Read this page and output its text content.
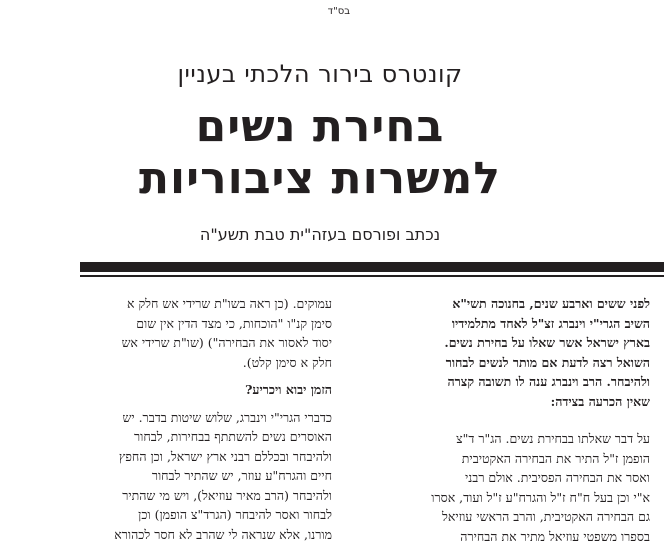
בס"ד
קונטרס בירור הלכתי בעניין
בחירת נשים
למשרות ציבוריות
נכתב ופורסם בעזה"ית טבת תשע"ה
לפני ששים וארבע שנים, בחנוכה תשי"א
השיב הגרי"י וינברג זצ"ל לאחד מתלמידיו
בארץ ישראל אשר שאלו על בחירת נשים.
השואל רצה לדעת אם מותר לנשים לבחור
ולהיבחר. הרב וינברג ענה לו תשובה קצרה
שאין הכרעה בצידה:
על דבר שאלתו בבחירת נשים. הג"ר ד"צ
הופמן ז"ל התיר את הבחירה האקטיבית
ואסר את הבחירה הפסיבית. אולם רבני
א"י וכן בעל ח"ח ז"ל והגרח"ע ז"ל ועוד, אסרו
גם הבחירה האקטיבית, והרב הראשי עוזיאל
בספרו משפטי עוזיאל מתיר את הבחירה
עמוקים. (כן ראה בשו"ת שרידי אש חלק א
סימן קנ"ו "הוכחות, כי מצד הדין אין שום
יסוד לאסור את הבחירה") (שו"ת שרידי אש
חלק א סימן קלט).
הזמן יבוא ויכריע?
כדברי הגרי"י וינברג, שלוש שיטות בדבר. יש
האוסרים נשים להשתתף בבחירות, לבחור
ולהיבחר ובכללם רבני ארץ ישראל, וכן החפץ
חיים והגרח"ע עוזר, יש שהתיר לבחור
ולהיבחר (הרב מאיר עוזיאל), ויש מי שהתיר
לבחור ואסר להיבחר (הגרד"צ הופמן) וכן
מורנו, אלא שנראה לי שהרב לא חסר לכהורא
